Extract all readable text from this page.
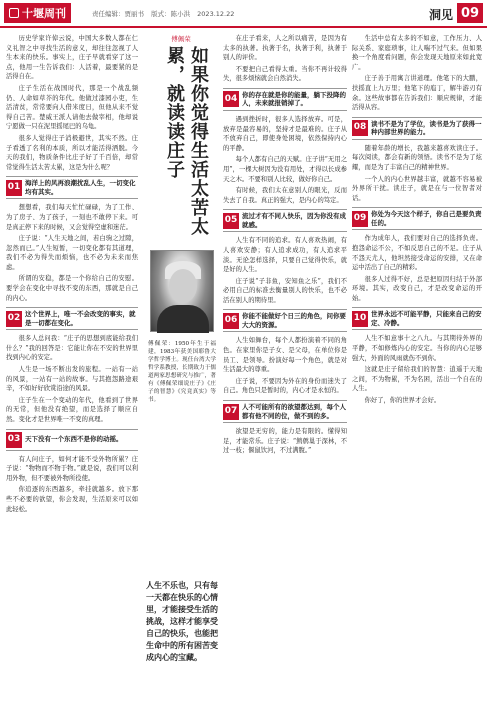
十堰周刊	责任编辑：贾丽书 版式：陈小洪 2023.12.22	洞见 09

历史学家许倬云说，中国大多数人都在仁义礼智之中寻找生活的意义，却往往忽视了人生本来的快乐。事实上，庄子早就看穿了这一点，他用一生告诉我们：人活着，最要紧的是活得自在。

庄子生活在战国时代，那是一个战乱频仍、人命如草芥的年代。他做过漆园小吏，生活清贫，常常要向人借米度日，但他从来不觉得自己苦。楚威王派人请他去做宰相，他却说宁愿做一只在泥里摇尾巴的乌龟。

很多人觉得庄子消极避世，其实不然。庄子看透了名利的本质，所以才能活得洒脱。今天的我们，物质条件比庄子好了千百倍，却常常觉得生活太苦太累，这是为什么呢？

01 海洋上的风再浪潮扰乱人生，一切变化均有其实。

想想看，我们每天忙忙碌碌，为了工作、为了房子、为了孩子，一刻也不敢停下来。可是真正停下来的时候，又会觉得空虚和迷茫。

庄子说：“人生天地之间，若白驹之过隙，忽然而已。”人生短暂，一切变化都有其道理，我们不必为得失而烦恼，也不必为未来而焦虑。

所谓的安稳，都是一个你给自己的安慰。要学会在变化中寻找不变的东西，那就是自己的内心。

02 这个世界上，唯一不会改变的事实，就是一切都在变化。

很多人总问我：“庄子的思想到底能给我们什么？”我的回答是：它能让你在不安的世界里找到内心的安定。

人生是一场不断出发的旅程。一站有一站的风景，一站有一站的故事。与其抱怨路途艰辛，不如好好欣赏沿途的风景。

庄子生在一个变动的年代，他看到了世界的无常，但他没有绝望，而是选择了顺应自然。变化才是世界唯一不变的真理。

03 天下没有一个东西不是你的动摇。

有人问庄子，如何才能不受外物所累？庄子说：“物物而不物于物。”就是说，我们可以利用外物，但不要被外物所役使。

你追逐的东西越多，牵挂就越多。放下那些不必要的欲望，你会发现，生活原来可以如此轻松。

傅佩荣
如果你觉得生活太苦太累，就读读庄子
傅佩荣：1950年生于福建，1983年获美国耶鲁大学哲学博士。现任台湾大学哲学系教授，长期致力于儒道两家思想研究与推广，著有《傅佩荣细说庄子》《庄子的智慧》《究竟真实》等书。
人生不乐也，只有每一天都在快乐的心情里，才能接受生活的挑战，这样才能享受自己的快乐，也能把生命中的所有困苦变成内心的宝藏。

在庄子看来，人之所以痛苦，是因为有太多的执著。执著于名，执著于利，执著于别人的评价。

不要把自己看得太重。当你不再计较得失，很多烦恼就会自然消失。

04 你的存在就是你的能量，躺下投降的人，未来就报销掉了。

遇到挫折时，很多人选择放弃。可是，放弃是最容易的，坚持才是最难的。庄子从不放弃自己，即使身处困境，依然保持内心的平静。

每个人都有自己的天赋。庄子讲“无用之用”，一棵大树因为没有用处，才得以长成参天之木。不要和别人比较，做好你自己。

有时候，我们太在意别人的眼光，反而失去了自我。真正的强大，是内心的笃定。

05 流过才有不同人快乐，因为你没有成就感。

人生有不同的追求。有人喜欢热闹，有人喜欢安静；有人追求成功，有人追求平淡。无论怎样选择，只要自己觉得快乐，就是好的人生。

庄子说“子非鱼，安知鱼之乐”，我们不必用自己的标准去衡量别人的快乐，也不必活在别人的期待里。

06 你能不能做好个日三的角色，问你要大大的资源。

人生如舞台，每个人都扮演着不同的角色。在家里你是子女、是父母，在单位你是员工、是领导。扮演好每一个角色，就是对生活最大的尊重。

庄子说，不要因为外在的身份而迷失了自己。角色只是暂时的，内心才是永恒的。

07 人不可能所有的欲望都达到，每个人都有他不同的位，做不到的多。

欲望是无穷的，能力是有限的。懂得知足，才能常乐。庄子说：“鹪鹩巢于深林，不过一枝；偃鼠饮河，不过满腹。”

生活中总有太多的不如意，工作压力、人际关系、家庭琐事，让人喘不过气来。但如果换一个角度看问题，你会发现天地原来如此宽广。

庄子善于用寓言讲道理。他笔下的大鹏，扶摇直上九万里；他笔下的庖丁，解牛游刃有余。这些故事都在告诉我们：顺应规律，才能活得从容。

08 读书不是为了学位，读书是为了获得一种内部世界的能力。

随着年龄的增长，我越来越喜欢读庄子。每次阅读，都会有新的领悟。读书不是为了炫耀，而是为了丰富自己的精神世界。

一个人的内心世界越丰富，就越不容易被外界所干扰。读庄子，就是在与一位智者对话。

09 你处为今天这个样子，你自己是要负责任的。

作为成年人，我们要对自己的选择负责。抱怨命运不公，不如反思自己的不足。庄子从不怨天尤人，他坦然接受命运的安排，又在命运中活出了自己的精彩。

很多人过得不好，总是把原因归结于外部环境。其实，改变自己，才是改变命运的开始。

10 世界永远不可能平静，只能来自己的安定、冷静。

人生不如意事十之八九。与其期待外界的平静，不如修炼内心的安定。当你的内心足够强大，外面的风雨就伤不到你。

这就是庄子留给我们的智慧：逍遥于天地之间，不为物累，不为名困，活出一个自在的人生。

你好了，你的世界才会好。
